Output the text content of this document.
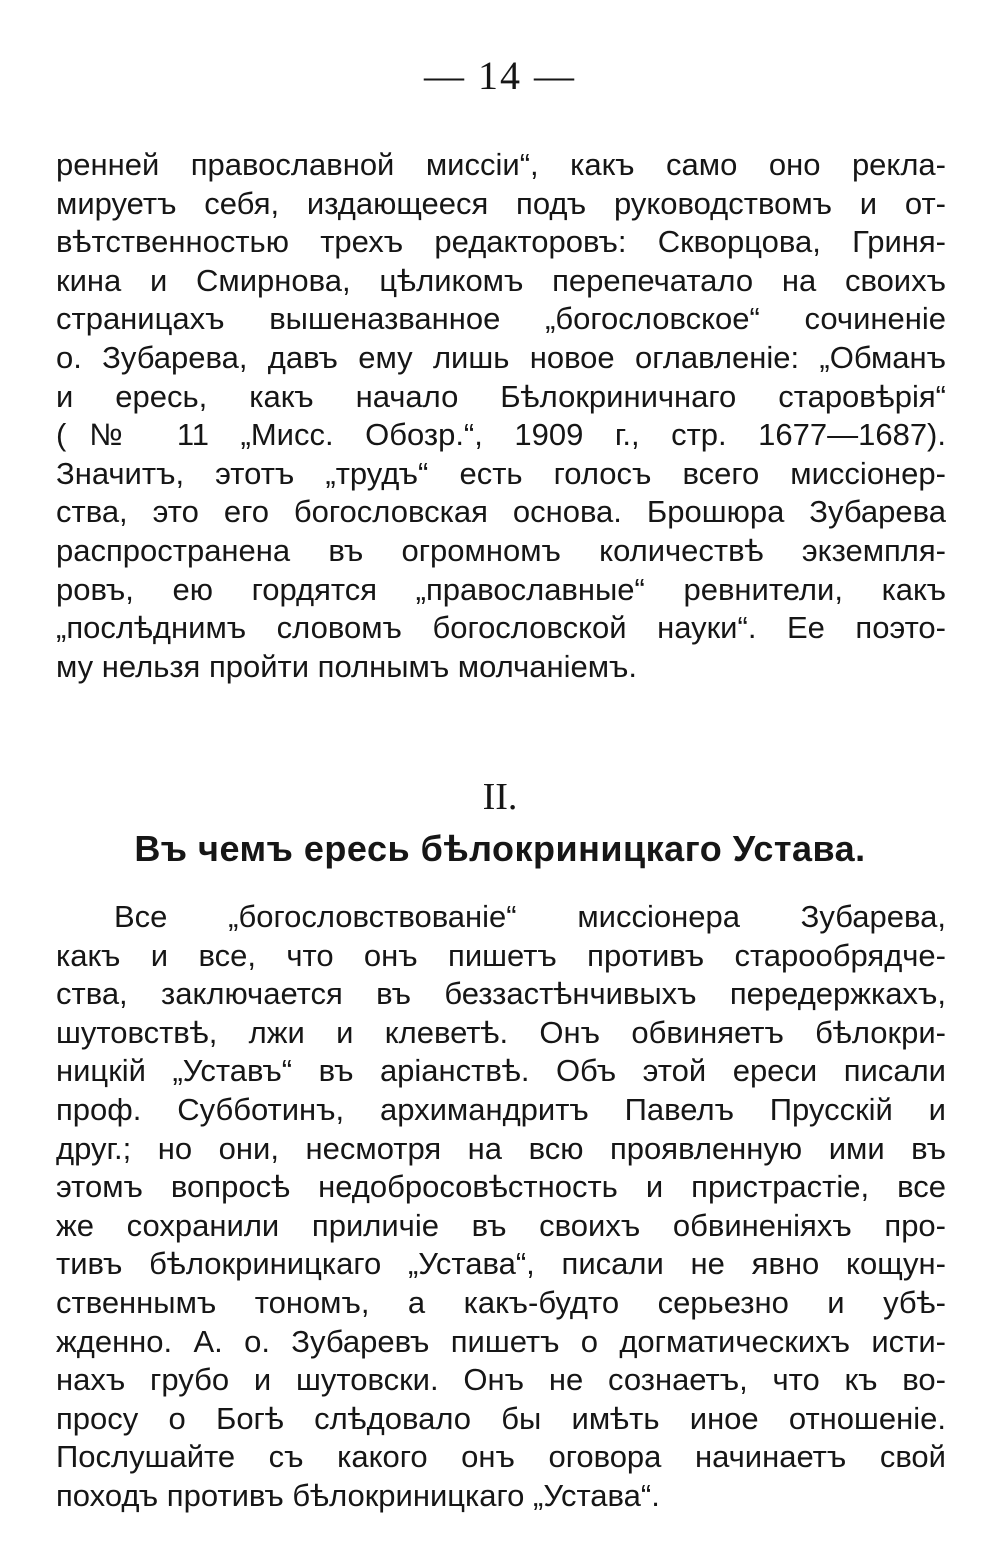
— 14 —
ренней православной миссіи“, какъ само оно рекла-
мируетъ себя, издающееся подъ руководствомъ и от-
вѣтственностью трехъ редакторовъ: Скворцова, Гриня-
кина и Смирнова, цѣликомъ перепечатало на своихъ
страницахъ вышеназванное „богословское“ сочиненіе
о. Зубарева, давъ ему лишь новое оглавленіе: „Обманъ
и ересь, какъ начало Бѣлокриничнаго старовѣрія“
(№ 11 „Мисс. Обозр.“, 1909 г., стр. 1677—1687).
Значитъ, этотъ „трудъ“ есть голосъ всего миссіонер-
ства, это его богословская основа. Брошюра Зубарева
распространена въ огромномъ количествѣ экземпля-
ровъ, ею гордятся „православные“ ревнители, какъ
„послѣднимъ словомъ богословской науки“. Ее поэто-
му нельзя пройти полнымъ молчаніемъ.
II.
Въ чемъ ересь бѣлокриницкаго Устава.
Все „богословствованіе“ миссіонера Зубарева,
какъ и все, что онъ пишетъ противъ старообрядче-
ства, заключается въ беззастѣнчивыхъ передержкахъ,
шутовствѣ, лжи и клеветѣ. Онъ обвиняетъ бѣлокри-
ницкій „Уставъ“ въ аріанствѣ. Объ этой ереси писали
проф. Субботинъ, архимандритъ Павелъ Прусскій и
друг.; но они, несмотря на всю проявленную ими въ
этомъ вопросѣ недобросовѣстность и пристрастіе, все
же сохранили приличіе въ своихъ обвиненіяхъ про-
тивъ бѣлокриницкаго „Устава“, писали не явно кощун-
ственнымъ тономъ, а какъ-будто серьезно и убѣ-
жденно. А. о. Зубаревъ пишетъ о догматическихъ исти-
нахъ грубо и шутовски. Онъ не сознаетъ, что къ во-
просу о Богѣ слѣдовало бы имѣть иное отношеніе.
Послушайте съ какого онъ оговора начинаетъ свой
походъ противъ бѣлокриницкаго „Устава“.
